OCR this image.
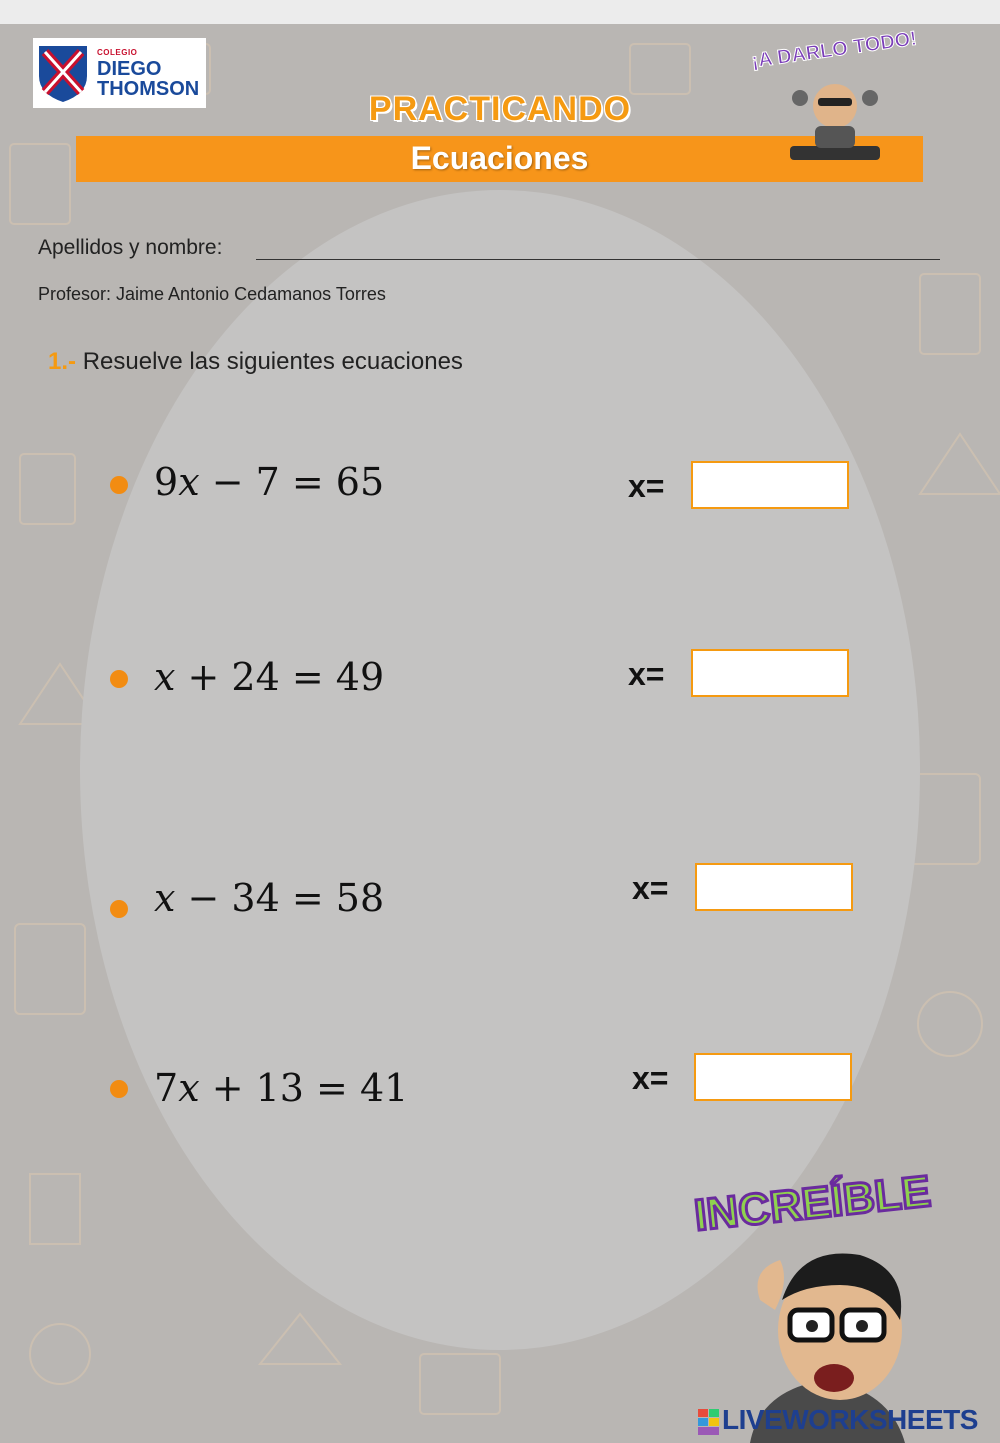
COLEGIO
DIEGO
THOMSON
PRACTICANDO
Ecuaciones
¡A DARLO TODO!
Apellidos y nombre:
Profesor: Jaime Antonio Cedamanos Torres
1.- Resuelve las siguientes ecuaciones
9x − 7 = 65	x=
x + 24 = 49	x=
x − 34 = 58	x=
7x + 13 = 41	x=
INCREÍBLE
LIVEWORKSHEETS
